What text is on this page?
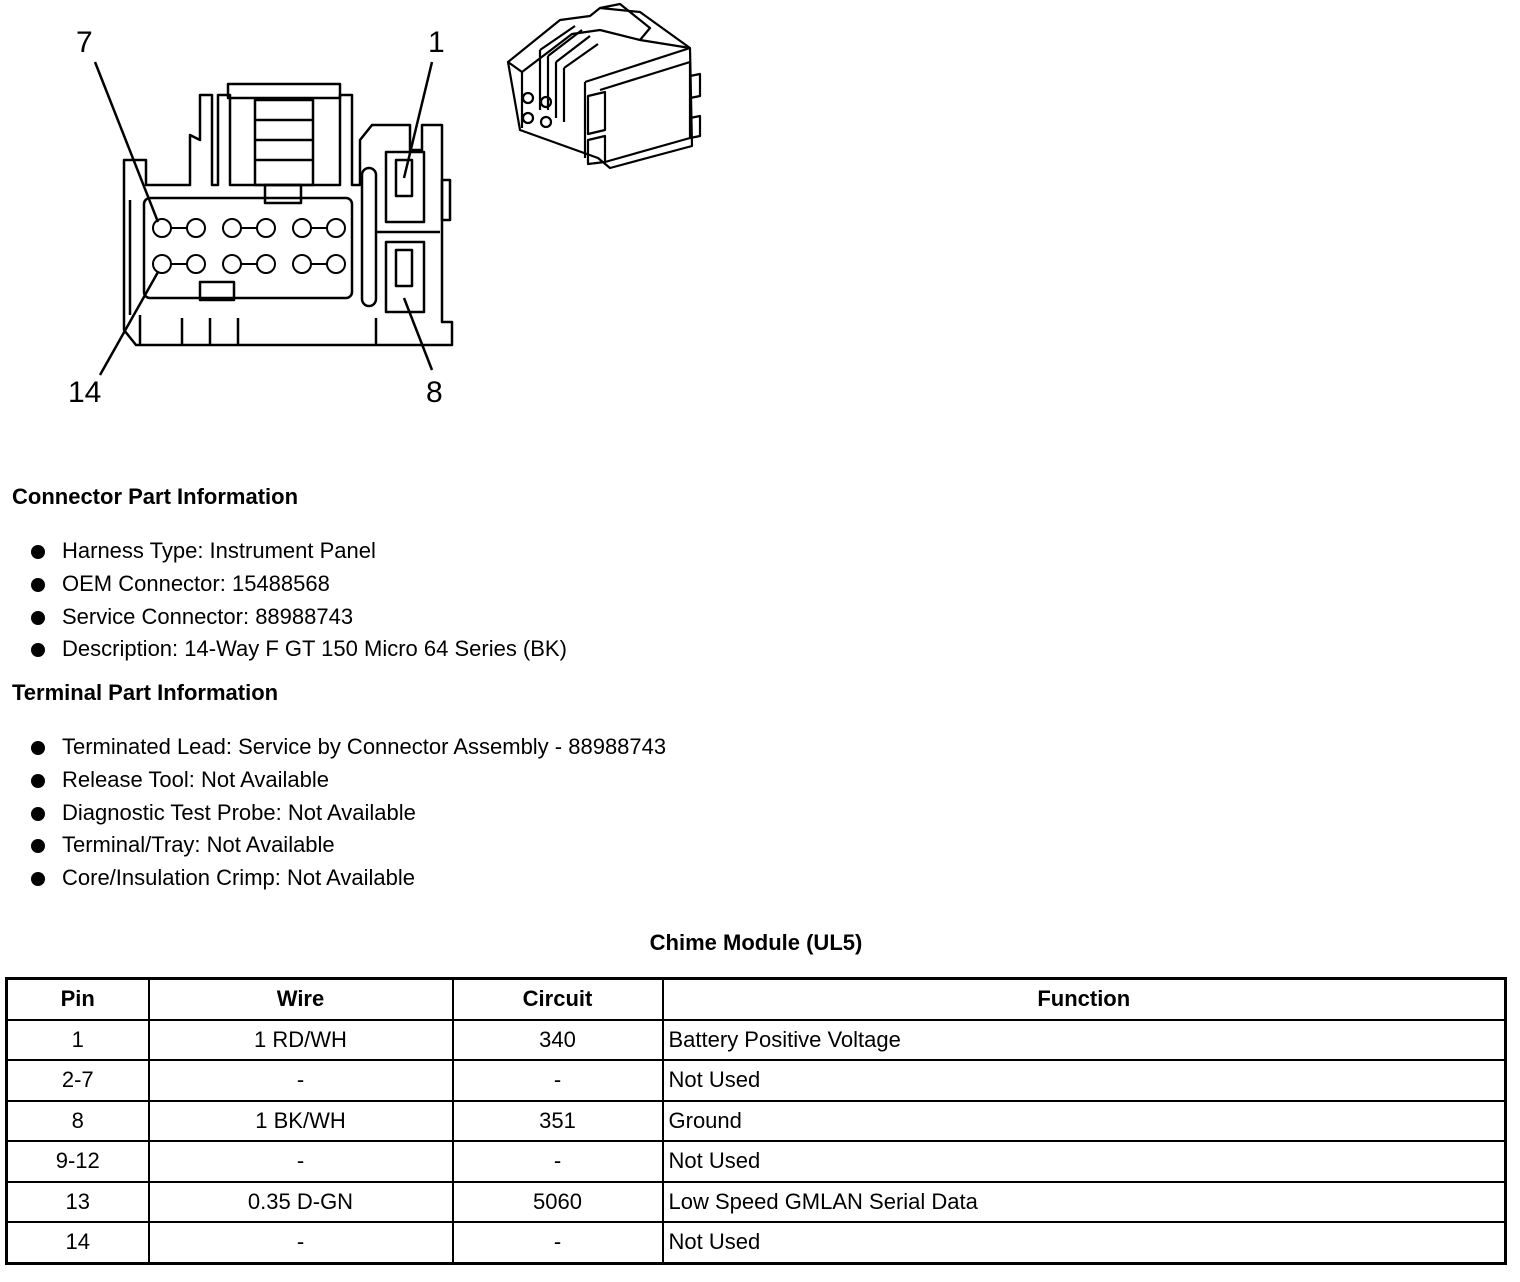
7	1
14	8
Connector Part Information
Harness Type: Instrument Panel
OEM Connector: 15488568
Service Connector: 88988743
Description: 14-Way F GT 150 Micro 64 Series (BK)
Terminal Part Information
Terminated Lead: Service by Connector Assembly - 88988743
Release Tool: Not Available
Diagnostic Test Probe: Not Available
Terminal/Tray: Not Available
Core/Insulation Crimp: Not Available
Chime Module (UL5)
Pin	Wire	Circuit	Function
1	1 RD/WH	340	Battery Positive Voltage
2-7	-	-	Not Used
8	1 BK/WH	351	Ground
9-12	-	-	Not Used
13	0.35 D-GN	5060	Low Speed GMLAN Serial Data
14	-	-	Not Used
